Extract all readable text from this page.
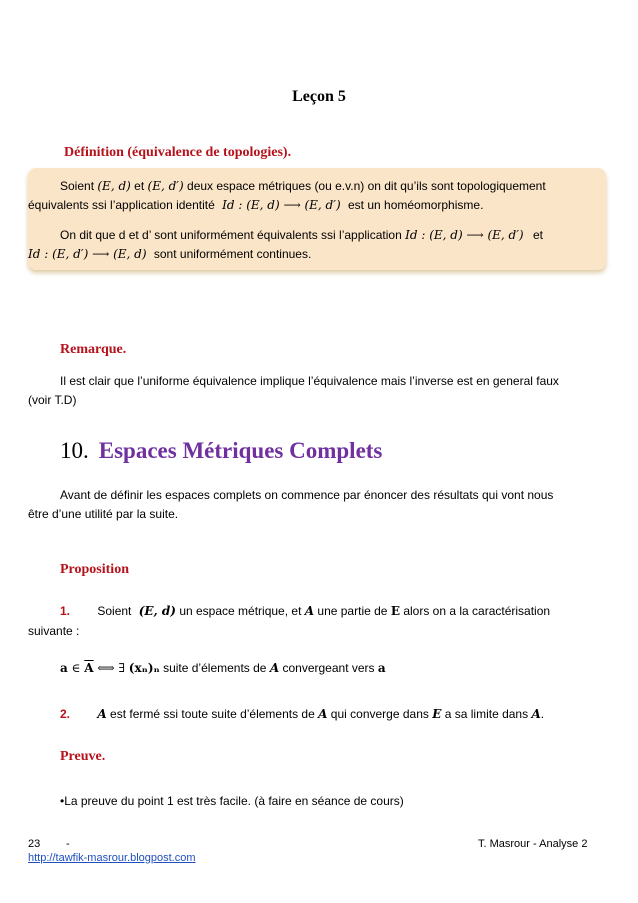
Leçon 5
Définition (équivalence de topologies).

Soient (E, d) et (E, d′) deux espace métriques (ou e.v.n) on dit qu’ils sont topologiquement

équivalents ssi l’application identité Id : (E, d) ⟶ (E, d′) est un homéomorphisme.

On dit que d et d’ sont uniformément équivalents ssi l’application Id : (E, d) ⟶ (E, d′) et

Id : (E, d′) ⟶ (E, d) sont uniformément continues.

Remarque.
Il est clair que l’uniforme équivalence implique l’équivalence mais l’inverse est en general faux
(voir T.D)
10. Espaces Métriques Complets
Avant de définir les espaces complets on commence par énoncer des résultats qui vont nous
être d’une utilité par la suite.
Proposition
1. Soient (E, d) un espace métrique, et A une partie de E alors on a la caractérisation
suivante :
a ∈ $\overline{A}$ ⟺ ∃ (xₙ)ₙ suite d’élements de A convergeant vers a
2. A est fermé ssi toute suite d’élements de A qui converge dans E a sa limite dans A.
Preuve.
•La preuve du point 1 est très facile. (à faire en séance de cours)
23 -	T. Masrour - Analyse 2
http://tawfik-masrour.blogpost.com
